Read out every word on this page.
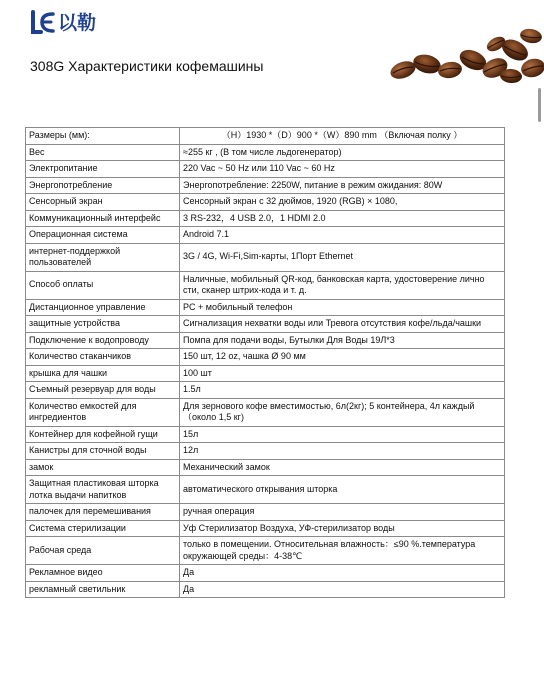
以勒
308G Характеристики кофемашины
Размеры (мм):	（H）1930 *（D）900 *（W）890 mm （Включая полку ）
Вес	≈255 кг , (В том числе льдогенератор)
Электропитание	220 Vac ~ 50 Hz или 110 Vac ~ 60 Hz
Энергопотребление	Энергопотребление: 2250W, питание в режим ожидания: 80W
Сенсорный экран	Сенсорный экран с 32 дюймов, 1920 (RGB) × 1080,
Коммуникационный интерфейс	3 RS-232，4 USB 2.0，1 HDMI 2.0
Операционная система	Android 7.1
интернет-поддержкой пользователей	3G / 4G, Wi-Fi,Sim-карты, 1Порт Ethernet
Способ оплаты	Наличные, мобильный QR-код, банковская карта, удостоверение лично сти, сканер штрих-кода и т. д.
Дистанционное управление	PC + мобильный телефон
защитные устройства	Сигнализация нехватки воды или Тревога отсутствия кофе/льда/чашки
Подключение к водопроводу	Помпа для подачи воды, Бутылки Для Воды 19Л*3
Количество стаканчиков	150 шт, 12 oz, чашка Ø 90 мм
крышка для чашки	100 шт
Съемный резервуар для воды	1.5л
Количество емкостей для ингредиентов	Для зернового кофе вместимостью, 6л(2кг); 5 контейнера, 4л каждый （около 1,5 кг)
Контейнер для кофейной гущи	15л
Канистры для сточной воды	12л
замок	Механический замок
Защитная пластиковая шторка лотка выдачи напитков	автоматического открывания шторка
палочек для перемешивания	ручная операция
Система стерилизации	Уф Стерилизатор Воздуха, УФ-стерилизатор воды
Рабочая среда	только в помещении. Относительная влажность：≤90 %.температура окружающей среды：4-38℃
Рекламное видео	Да
рекламный светильник	Да
